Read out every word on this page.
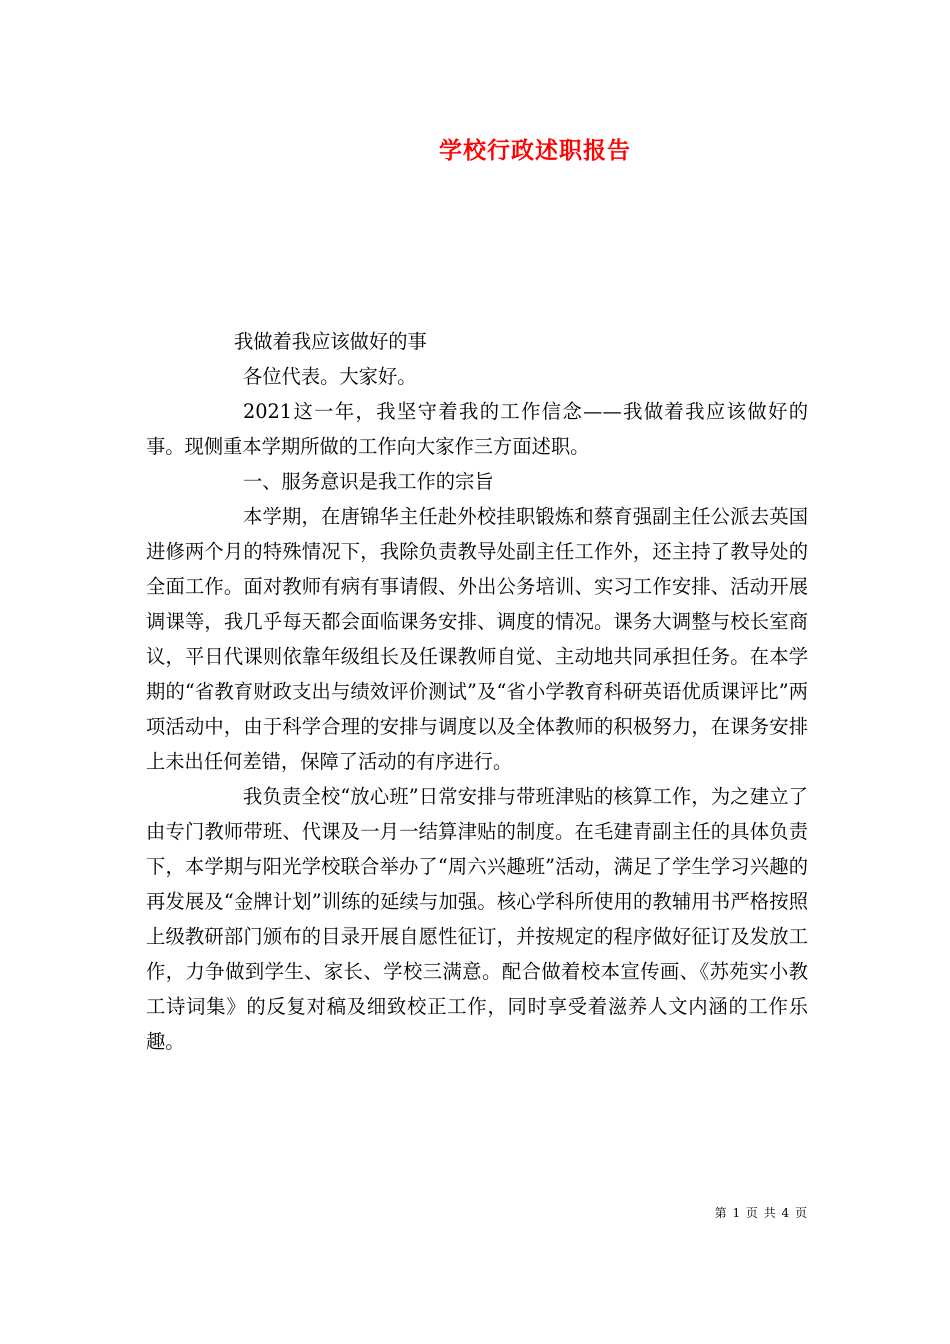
学校行政述职报告

我做着我应该做好的事

各位代表。大家好。

2021这一年，我坚守着我的工作信念——我做着我应该做好的事。现侧重本学期所做的工作向大家作三方面述职。

一、服务意识是我工作的宗旨

本学期，在唐锦华主任赴外校挂职锻炼和蔡育强副主任公派去英国进修两个月的特殊情况下，我除负责教导处副主任工作外，还主持了教导处的全面工作。面对教师有病有事请假、外出公务培训、实习工作安排、活动开展调课等，我几乎每天都会面临课务安排、调度的情况。课务大调整与校长室商议，平日代课则依靠年级组长及任课教师自觉、主动地共同承担任务。在本学期的“省教育财政支出与绩效评价测试”及“省小学教育科研英语优质课评比”两项活动中，由于科学合理的安排与调度以及全体教师的积极努力，在课务安排上未出任何差错，保障了活动的有序进行。

我负责全校“放心班”日常安排与带班津贴的核算工作，为之建立了由专门教师带班、代课及一月一结算津贴的制度。在毛建青副主任的具体负责下，本学期与阳光学校联合举办了“周六兴趣班”活动，满足了学生学习兴趣的再发展及“金牌计划”训练的延续与加强。核心学科所使用的教辅用书严格按照上级教研部门颁布的目录开展自愿性征订，并按规定的程序做好征订及发放工作，力争做到学生、家长、学校三满意。配合做着校本宣传画、《苏苑实小教工诗词集》的反复对稿及细致校正工作，同时享受着滋养人文内涵的工作乐趣。

第 1 页 共 4 页
